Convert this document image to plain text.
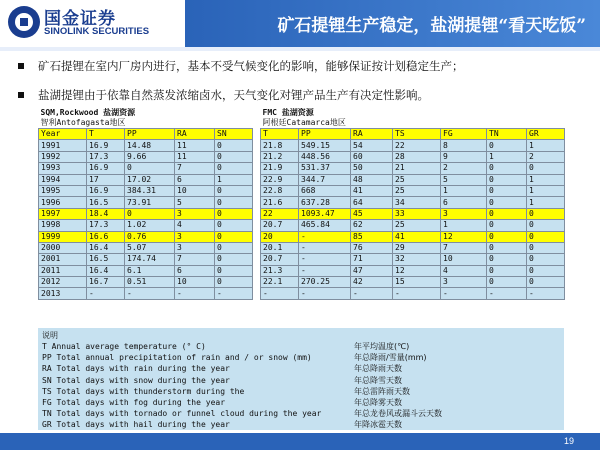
国金证券
SINOLINK SECURITIES	矿石提锂生产稳定，盐湖提锂“看天吃饭”
矿石提锂在室内厂房内进行，基本不受气候变化的影响，能够保证按计划稳定生产；
盐湖提锂由于依靠自然蒸发浓缩卤水，天气变化对锂产品生产有决定性影响。
SQM,Rockwood 盐湖资源						FMC 盐湖资源						
智利Antofagasta地区						阿根廷Catamarca地区						
Year	T	PP	RA	SN		T	PP	RA	TS	FG	TN	GR
1991	16.9	14.48	11	0		21.8	549.15	54	22	8	0	1
1992	17.3	9.66	11	0		21.2	448.56	60	28	9	1	2
1993	16.9	0	7	0		21.9	531.37	50	21	2	0	0
1994	17	17.02	6	1		22.9	344.7	48	25	5	0	1
1995	16.9	384.31	10	0		22.8	668	41	25	1	0	1
1996	16.5	73.91	5	0		21.6	637.28	64	34	6	0	1
1997	18.4	0	3	0		22	1093.47	45	33	3	0	0
1998	17.3	1.02	4	0		20.7	465.84	62	25	1	0	0
1999	16.6	0.76	3	0		20	-	85	41	12	0	0
2000	16.4	5.07	3	0		20.1	-	76	29	7	0	0
2001	16.5	174.74	7	0		20.7	-	71	32	10	0	0
2011	16.4	6.1	6	0		21.3	-	47	12	4	0	0
2012	16.7	0.51	10	0		22.1	270.25	42	15	3	0	0
2013	-	-	-	-		-	-	-	-	-	-	-
说明
T Annual average temperature (° C)	年平均温度(℃)
PP Total annual precipitation of rain and / or snow (mm)	年总降雨/雪量(mm)
RA Total days with rain during the year	年总降雨天数
SN Total days with snow during the year	年总降雪天数
TS Total days with thunderstorm during the	年总雷阵雨天数
FG Total days with fog during the year	年总降雾天数
TN Total days with tornado or funnel cloud during the year	年总龙卷风或漏斗云天数
GR Total days with hail during the year	年降冰雹天数
19
